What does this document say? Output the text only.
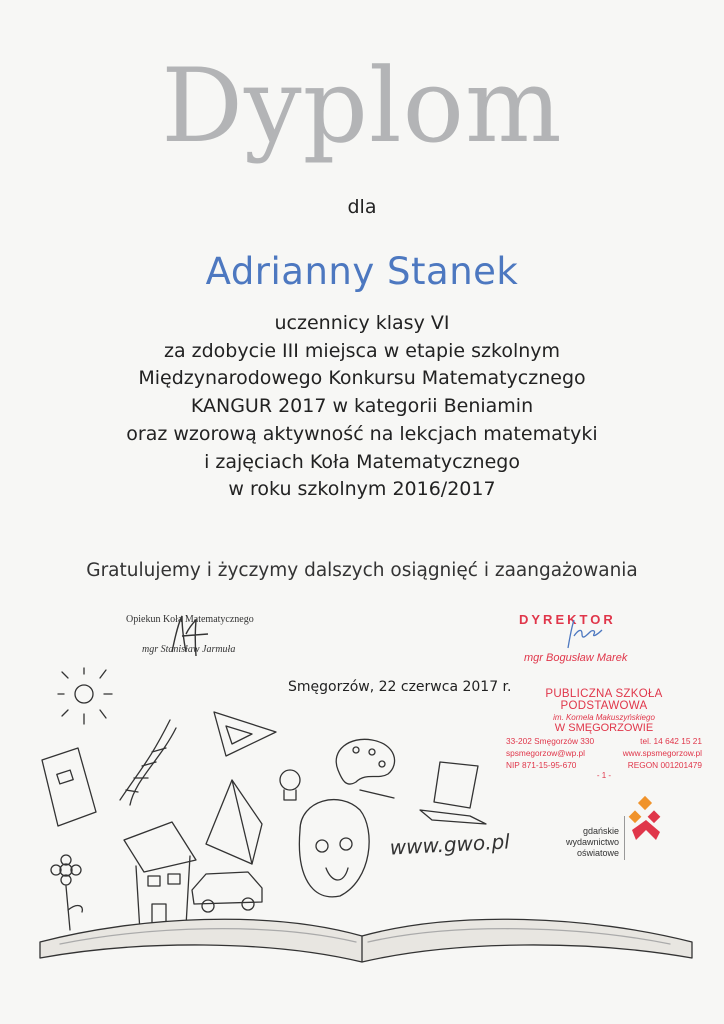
Dyplom
dla
Adrianny Stanek
uczennicy klasy VI
za zdobycie III miejsca w etapie szkolnym
Międzynarodowego Konkursu Matematycznego
KANGUR 2017 w kategorii Beniamin
oraz wzorową aktywność na lekcjach matematyki
i zajęciach Koła Matematycznego
w roku szkolnym 2016/2017
Gratulujemy i życzymy dalszych osiągnięć i zaangażowania
Opiekun Koła Matematycznego
mgr Stanisław Jarmuła
Smęgorzów, 22 czerwca 2017 r.
DYREKTOR
mgr Bogusław Marek
PUBLICZNA SZKOŁA PODSTAWOWA
im. Kornela Makuszyńskiego
W SMĘGORZOWIE
33-202 Smęgorzów 330	tel. 14 642 15 21
spsmegorzow@wp.pl	www.spsmegorzow.pl
NIP 871-15-95-670	REGON 001201479
- 1 -
www.gwo.pl	gdańskie
wydawnictwo
oświatowe
